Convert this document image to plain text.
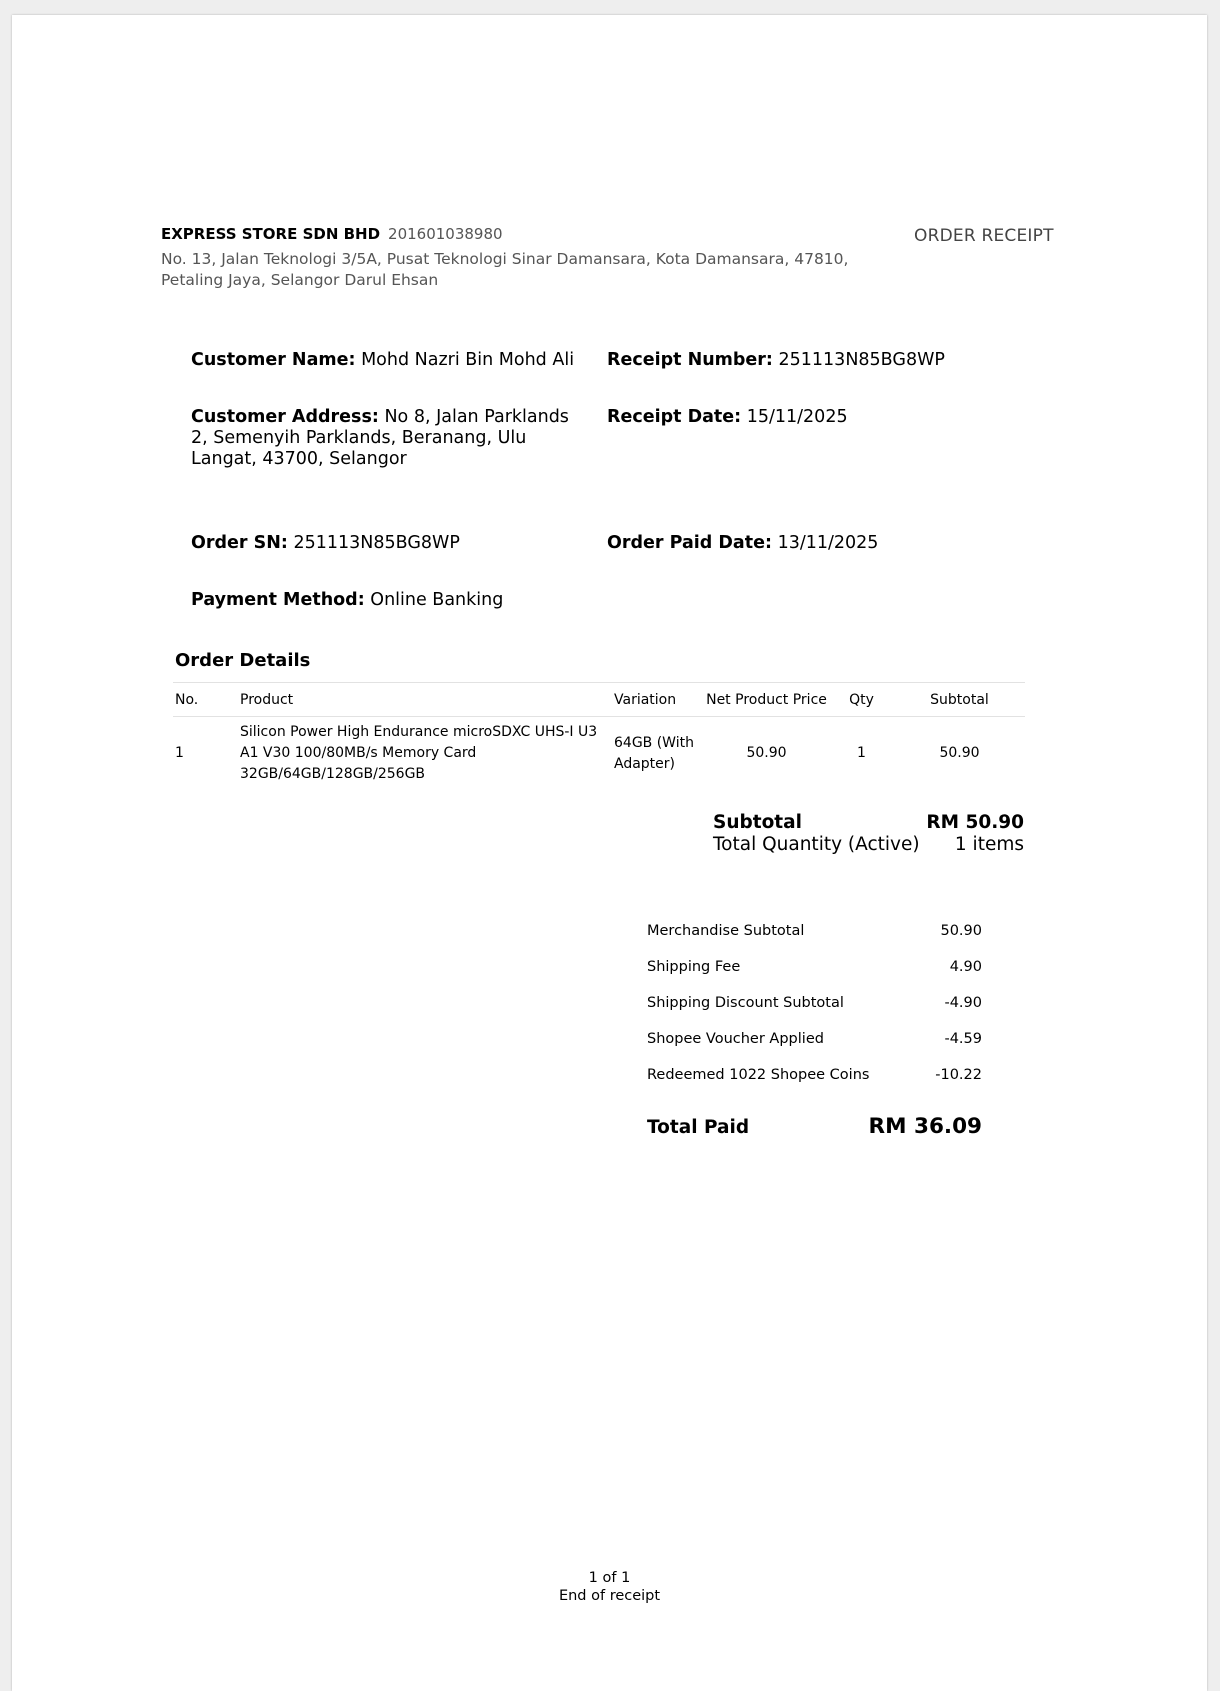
EXPRESS STORE SDN BHD 201601038980
No. 13, Jalan Teknologi 3/5A, Pusat Teknologi Sinar Damansara, Kota Damansara, 47810, Petaling Jaya, Selangor Darul Ehsan
ORDER RECEIPT
Customer Name: Mohd Nazri Bin Mohd Ali Receipt Number: 251113N85BG8WP
Customer Address: No 8, Jalan Parklands 2, Semenyih Parklands, Beranang, Ulu Langat, 43700, Selangor
Receipt Date: 15/11/2025
Order SN: 251113N85BG8WP	Order Paid Date: 13/11/2025
Payment Method: Online Banking
Order Details
No.	Product	Variation	Net Product Price	Qty	Subtotal
1	Silicon Power High Endurance microSDXC UHS-I U3 A1 V30 100/80MB/s Memory Card 32GB/64GB/128GB/256GB	64GB (With Adapter)	50.90	1	50.90
Subtotal	RM 50.90
Total Quantity (Active) 1 items
Merchandise Subtotal	50.90
Shipping Fee	4.90
Shipping Discount Subtotal	-4.90
Shopee Voucher Applied	-4.59
Redeemed 1022 Shopee Coins	-10.22
Total Paid	RM 36.09
1 of 1
End of receipt
